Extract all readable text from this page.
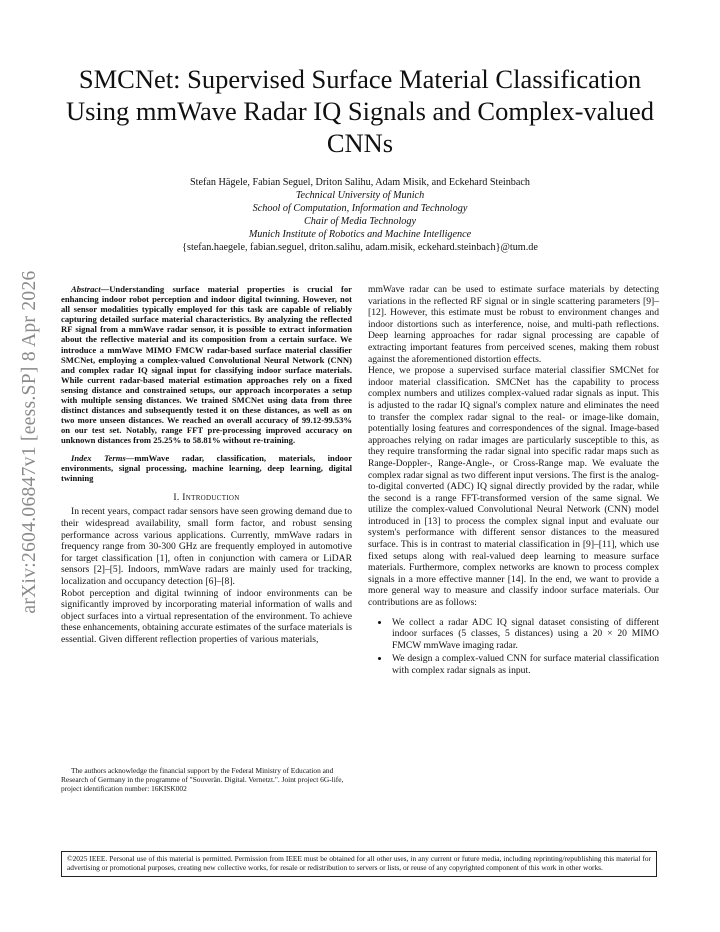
arXiv:2604.06847v1 [eess.SP] 8 Apr 2026
SMCNet: Supervised Surface Material Classification Using mmWave Radar IQ Signals and Complex-valued CNNs
Stefan Hägele, Fabian Seguel, Driton Salihu, Adam Misik, and Eckehard Steinbach
Technical University of Munich
School of Computation, Information and Technology
Chair of Media Technology
Munich Institute of Robotics and Machine Intelligence
{stefan.haegele, fabian.seguel, driton.salihu, adam.misik, eckehard.steinbach}@tum.de

Abstract—Understanding surface material properties is crucial for enhancing indoor robot perception and indoor digital twinning. However, not all sensor modalities typically employed for this task are capable of reliably capturing detailed surface material characteristics. By analyzing the reflected RF signal from a mmWave radar sensor, it is possible to extract information about the reflective material and its composition from a certain surface. We introduce a mmWave MIMO FMCW radar-based surface material classifier SMCNet, employing a complex-valued Convolutional Neural Network (CNN) and complex radar IQ signal input for classifying indoor surface materials. While current radar-based material estimation approaches rely on a fixed sensing distance and constrained setups, our approach incorporates a setup with multiple sensing distances. We trained SMCNet using data from three distinct distances and subsequently tested it on these distances, as well as on two more unseen distances. We reached an overall accuracy of 99.12-99.53% on our test set. Notably, range FFT pre-processing improved accuracy on unknown distances from 25.25% to 58.81% without re-training.

Index Terms—mmWave radar, classification, materials, indoor environments, signal processing, machine learning, deep learning, digital twinning

I. Introduction

In recent years, compact radar sensors have seen growing demand due to their widespread availability, small form factor, and robust sensing performance across various applications. Currently, mmWave radars in frequency range from 30-300 GHz are frequently employed in automotive for target classification [1], often in conjunction with camera or LiDAR sensors [2]–[5]. Indoors, mmWave radars are mainly used for tracking, localization and occupancy detection [6]–[8].

Robot perception and digital twinning of indoor environments can be significantly improved by incorporating material information of walls and object surfaces into a virtual representation of the environment. To achieve these enhancements, obtaining accurate estimates of the surface materials is essential. Given different reflection properties of various materials,

The authors acknowledge the financial support by the Federal Ministry of Education and Research of Germany in the programme of "Souverän. Digital. Vernetzt.". Joint project 6G-life, project identification number: 16KISK002

mmWave radar can be used to estimate surface materials by detecting variations in the reflected RF signal or in single scattering parameters [9]–[12]. However, this estimate must be robust to environment changes and indoor distortions such as interference, noise, and multi-path reflections. Deep learning approaches for radar signal processing are capable of extracting important features from perceived scenes, making them robust against the aforementioned distortion effects.

Hence, we propose a supervised surface material classifier SMCNet for indoor material classification. SMCNet has the capability to process complex numbers and utilizes complex-valued radar signals as input. This is adjusted to the radar IQ signal's complex nature and eliminates the need to transfer the complex radar signal to the real- or image-like domain, potentially losing features and correspondences of the signal. Image-based approaches relying on radar images are particularly susceptible to this, as they require transforming the radar signal into specific radar maps such as Range-Doppler-, Range-Angle-, or Cross-Range map. We evaluate the complex radar signal as two different input versions. The first is the analog-to-digital converted (ADC) IQ signal directly provided by the radar, while the second is a range FFT-transformed version of the same signal. We utilize the complex-valued Convolutional Neural Network (CNN) model introduced in [13] to process the complex signal input and evaluate our system's performance with different sensor distances to the measured surface. This is in contrast to material classification in [9]–[11], which use fixed setups along with real-valued deep learning to measure surface materials. Furthermore, complex networks are known to process complex signals in a more effective manner [14]. In the end, we want to provide a more general way to measure and classify indoor surface materials. Our contributions are as follows:

• We collect a radar ADC IQ signal dataset consisting of different indoor surfaces (5 classes, 5 distances) using a 20 × 20 MIMO FMCW mmWave imaging radar.
• We design a complex-valued CNN for surface material classification with complex radar signals as input.
©2025 IEEE. Personal use of this material is permitted. Permission from IEEE must be obtained for all other uses, in any current or future media, including reprinting/republishing this material for advertising or promotional purposes, creating new collective works, for resale or redistribution to servers or lists, or reuse of any copyrighted component of this work in other works.
